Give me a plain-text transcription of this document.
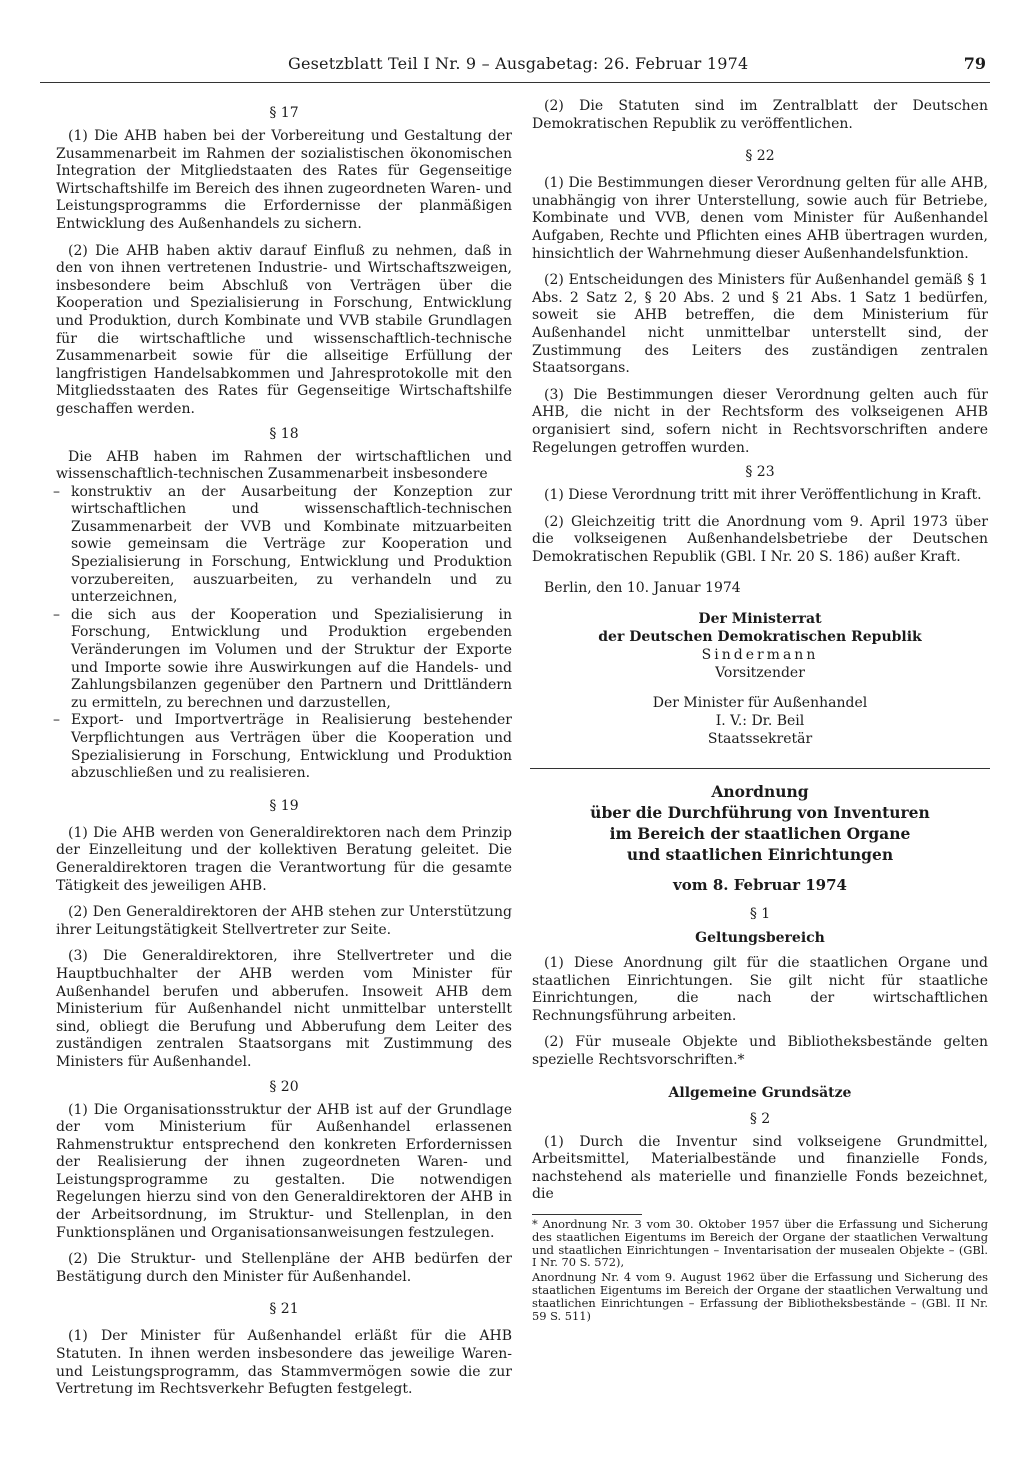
Gesetzblatt Teil I Nr. 9 – Ausgabetag: 26. Februar 1974	79

§ 17

(1) Die AHB haben bei der Vorbereitung und Gestaltung der Zusammenarbeit im Rahmen der sozialistischen ökonomischen Integration der Mitgliedstaaten des Rates für Gegenseitige Wirtschaftshilfe im Bereich des ihnen zugeordneten Waren- und Leistungsprogramms die Erfordernisse der planmäßigen Entwicklung des Außenhandels zu sichern.

(2) Die AHB haben aktiv darauf Einfluß zu nehmen, daß in den von ihnen vertretenen Industrie- und Wirtschaftszweigen, insbesondere beim Abschluß von Verträgen über die Kooperation und Spezialisierung in Forschung, Entwicklung und Produktion, durch Kombinate und VVB stabile Grundlagen für die wirtschaftliche und wissenschaftlich-technische Zusammenarbeit sowie für die allseitige Erfüllung der langfristigen Handelsabkommen und Jahresprotokolle mit den Mitgliedsstaaten des Rates für Gegenseitige Wirtschaftshilfe geschaffen werden.

§ 18

Die AHB haben im Rahmen der wirtschaftlichen und wissenschaftlich-technischen Zusammenarbeit insbesondere

– konstruktiv an der Ausarbeitung der Konzeption zur wirtschaftlichen und wissenschaftlich-technischen Zusammenarbeit der VVB und Kombinate mitzuarbeiten sowie gemeinsam die Verträge zur Kooperation und Spezialisierung in Forschung, Entwicklung und Produktion vorzubereiten, auszuarbeiten, zu verhandeln und zu unterzeichnen,

– die sich aus der Kooperation und Spezialisierung in Forschung, Entwicklung und Produktion ergebenden Veränderungen im Volumen und der Struktur der Exporte und Importe sowie ihre Auswirkungen auf die Handels- und Zahlungsbilanzen gegenüber den Partnern und Drittländern zu ermitteln, zu berechnen und darzustellen,

– Export- und Importverträge in Realisierung bestehender Verpflichtungen aus Verträgen über die Kooperation und Spezialisierung in Forschung, Entwicklung und Produktion abzuschließen und zu realisieren.

§ 19

(1) Die AHB werden von Generaldirektoren nach dem Prinzip der Einzelleitung und der kollektiven Beratung geleitet. Die Generaldirektoren tragen die Verantwortung für die gesamte Tätigkeit des jeweiligen AHB.

(2) Den Generaldirektoren der AHB stehen zur Unterstützung ihrer Leitungstätigkeit Stellvertreter zur Seite.

(3) Die Generaldirektoren, ihre Stellvertreter und die Hauptbuchhalter der AHB werden vom Minister für Außenhandel berufen und abberufen. Insoweit AHB dem Ministerium für Außenhandel nicht unmittelbar unterstellt sind, obliegt die Berufung und Abberufung dem Leiter des zuständigen zentralen Staatsorgans mit Zustimmung des Ministers für Außenhandel.

§ 20

(1) Die Organisationsstruktur der AHB ist auf der Grundlage der vom Ministerium für Außenhandel erlassenen Rahmenstruktur entsprechend den konkreten Erfordernissen der Realisierung der ihnen zugeordneten Waren- und Leistungsprogramme zu gestalten. Die notwendigen Regelungen hierzu sind von den Generaldirektoren der AHB in der Arbeitsordnung, im Struktur- und Stellenplan, in den Funktionsplänen und Organisationsanweisungen festzulegen.

(2) Die Struktur- und Stellenpläne der AHB bedürfen der Bestätigung durch den Minister für Außenhandel.

§ 21

(1) Der Minister für Außenhandel erläßt für die AHB Statuten. In ihnen werden insbesondere das jeweilige Waren- und Leistungsprogramm, das Stammvermögen sowie die zur Vertretung im Rechtsverkehr Befugten festgelegt.

(2) Die Statuten sind im Zentralblatt der Deutschen Demokratischen Republik zu veröffentlichen.

§ 22

(1) Die Bestimmungen dieser Verordnung gelten für alle AHB, unabhängig von ihrer Unterstellung, sowie auch für Betriebe, Kombinate und VVB, denen vom Minister für Außenhandel Aufgaben, Rechte und Pflichten eines AHB übertragen wurden, hinsichtlich der Wahrnehmung dieser Außenhandelsfunktion.

(2) Entscheidungen des Ministers für Außenhandel gemäß § 1 Abs. 2 Satz 2, § 20 Abs. 2 und § 21 Abs. 1 Satz 1 bedürfen, soweit sie AHB betreffen, die dem Ministerium für Außenhandel nicht unmittelbar unterstellt sind, der Zustimmung des Leiters des zuständigen zentralen Staatsorgans.

(3) Die Bestimmungen dieser Verordnung gelten auch für AHB, die nicht in der Rechtsform des volkseigenen AHB organisiert sind, sofern nicht in Rechtsvorschriften andere Regelungen getroffen wurden.

§ 23

(1) Diese Verordnung tritt mit ihrer Veröffentlichung in Kraft.

(2) Gleichzeitig tritt die Anordnung vom 9. April 1973 über die volkseigenen Außenhandelsbetriebe der Deutschen Demokratischen Republik (GBl. I Nr. 20 S. 186) außer Kraft.

Berlin, den 10. Januar 1974

Der Ministerrat

der Deutschen Demokratischen Republik

Sindermann

Vorsitzender

Der Minister für Außenhandel

I. V.: Dr. Beil

Staatssekretär

Anordnung

über die Durchführung von Inventuren

im Bereich der staatlichen Organe

und staatlichen Einrichtungen

vom 8. Februar 1974

§ 1

Geltungsbereich

(1) Diese Anordnung gilt für die staatlichen Organe und staatlichen Einrichtungen. Sie gilt nicht für staatliche Einrichtungen, die nach der wirtschaftlichen Rechnungsführung arbeiten.

(2) Für museale Objekte und Bibliotheksbestände gelten spezielle Rechtsvorschriften.*

Allgemeine Grundsätze

§ 2

(1) Durch die Inventur sind volkseigene Grundmittel, Arbeitsmittel, Materialbestände und finanzielle Fonds, nachstehend als materielle und finanzielle Fonds bezeichnet, die

* Anordnung Nr. 3 vom 30. Oktober 1957 über die Erfassung und Sicherung des staatlichen Eigentums im Bereich der Organe der staatlichen Verwaltung und staatlichen Einrichtungen – Inventarisation der musealen Objekte – (GBl. I Nr. 70 S. 572),

Anordnung Nr. 4 vom 9. August 1962 über die Erfassung und Sicherung des staatlichen Eigentums im Bereich der Organe der staatlichen Verwaltung und staatlichen Einrichtungen – Erfassung der Bibliotheksbestände – (GBl. II Nr. 59 S. 511)
